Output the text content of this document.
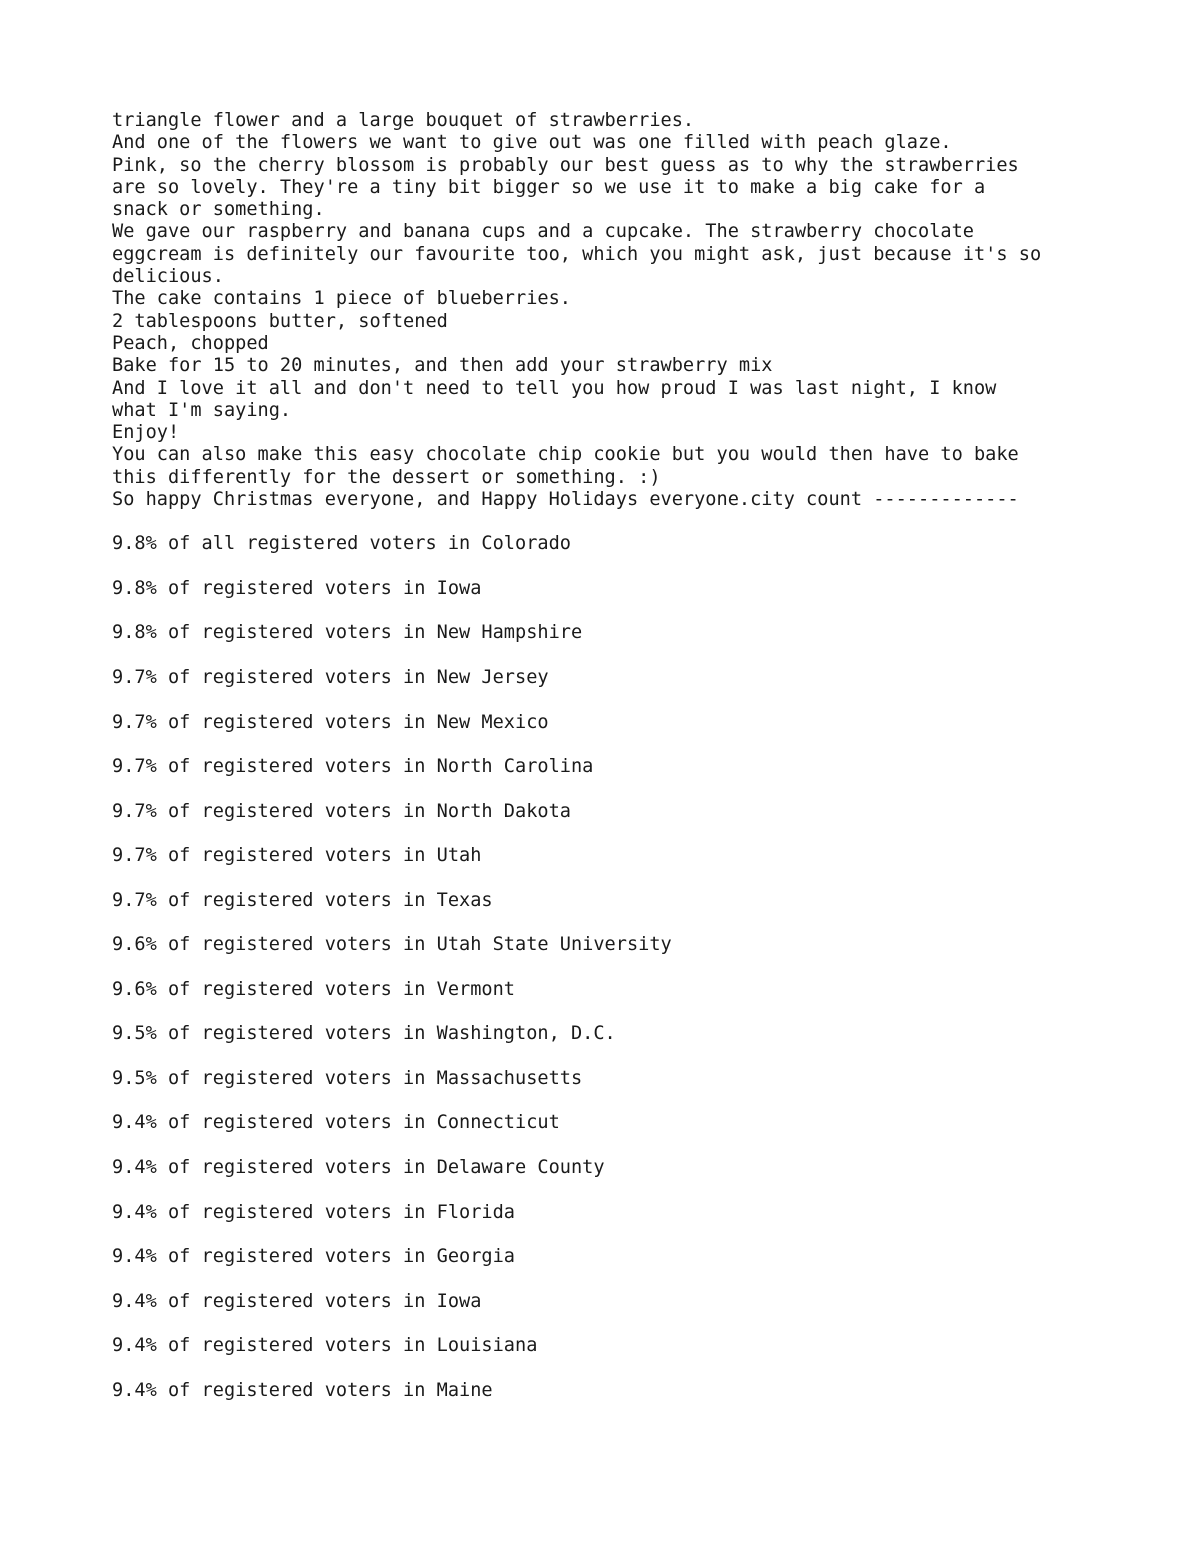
triangle flower and a large bouquet of strawberries.
And one of the flowers we want to give out was one filled with peach glaze.
Pink, so the cherry blossom is probably our best guess as to why the strawberries
are so lovely. They're a tiny bit bigger so we use it to make a big cake for a
snack or something.
We gave our raspberry and banana cups and a cupcake. The strawberry chocolate
eggcream is definitely our favourite too, which you might ask, just because it's so
delicious.
The cake contains 1 piece of blueberries.
2 tablespoons butter, softened
Peach, chopped
Bake for 15 to 20 minutes, and then add your strawberry mix
And I love it all and don't need to tell you how proud I was last night, I know
what I'm saying.
Enjoy!
You can also make this easy chocolate chip cookie but you would then have to bake
this differently for the dessert or something. :)
So happy Christmas everyone, and Happy Holidays everyone.city count -------------
9.8% of all registered voters in Colorado
9.8% of registered voters in Iowa
9.8% of registered voters in New Hampshire
9.7% of registered voters in New Jersey
9.7% of registered voters in New Mexico
9.7% of registered voters in North Carolina
9.7% of registered voters in North Dakota
9.7% of registered voters in Utah
9.7% of registered voters in Texas
9.6% of registered voters in Utah State University
9.6% of registered voters in Vermont
9.5% of registered voters in Washington, D.C.
9.5% of registered voters in Massachusetts
9.4% of registered voters in Connecticut
9.4% of registered voters in Delaware County
9.4% of registered voters in Florida
9.4% of registered voters in Georgia
9.4% of registered voters in Iowa
9.4% of registered voters in Louisiana
9.4% of registered voters in Maine
